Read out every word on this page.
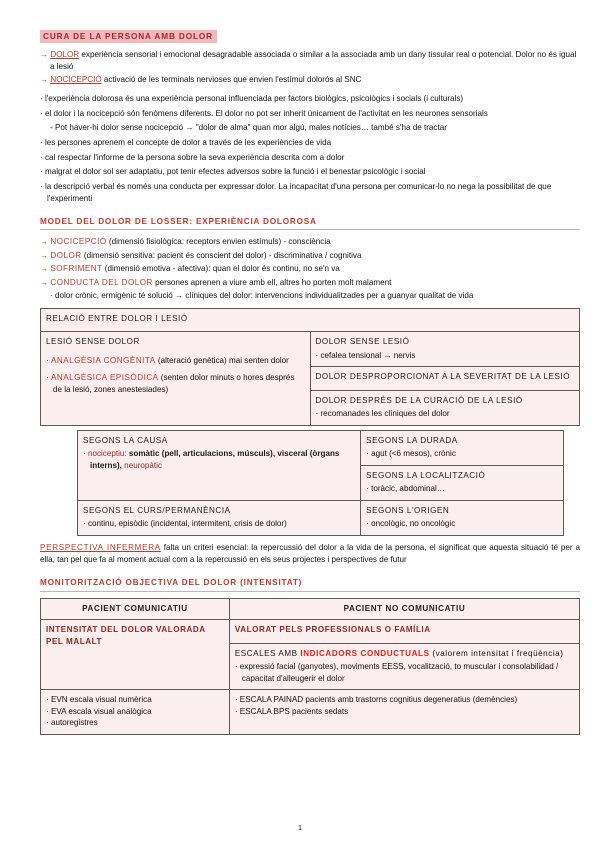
CURA DE LA PERSONA AMB DOLOR
→ DOLOR experiència sensorial i emocional desagradable associada o similar a la associada amb un dany tissular real o potencial. Dolor no és igual a lesió
→ NOCICEPCIÓ activació de les terminals nervioses que envien l'estímul dolorós al SNC
· l'experiència dolorosa és una experiència personal influenciada per factors biològics, psicològics i socials (i culturals)
· el dolor i la nocicepció són fenòmens diferents. El dolor no pot ser inherit únicament de l'activitat en les neurones sensorials
- Pot haver-hi dolor sense nocicepció → "dolor de alma" quan mor algú, males notícies… també s'ha de tractar
· les persones aprenem el concepte de dolor a través de les experiències de vida
· cal respectar l'informe de la persona sobre la seva experiència descrita com a dolor
· malgrat el dolor sol ser adaptatiu, pot tenir efectes adversos sobre la funció i el benestar psicològic i social
· la descripció verbal és només una conducta per expressar dolor. La incapacitat d'una persona per comunicar-lo no nega la possibilitat de que l'experimenti
MODEL DEL DOLOR DE LOSSER: EXPERIÈNCIA DOLOROSA
→ NOCICEPCIÓ (dimensió fisiològica: receptors envien estímuls) - consciència
→ DOLOR (dimensió sensitiva: pacient és conscient del dolor) - discriminativa / cognitiva
→ SOFRIMENT (dimensió emotiva - afectiva): quan el dolor és continu, no se'n va
→ CONDUCTA DEL DOLOR persones aprenen a viure amb ell, altres ho porten molt malament
· dolor crònic, ermigènic té solució → clíniques del dolor: intervencions individualitzades per a guanyar qualitat de vida
RELACIÓ ENTRE DOLOR I LESIÓ

LESIÓ SENSE DOLOR
· ANALGÈSIA CONGÈNITA (alteració genètica) mai senten dolor
· ANALGÈSICA EPISÒDICA (senten dolor minuts o hores després de la lesió, zones anestesiades)

DOLOR SENSE LESIÓ
· cefalea tensional → nervis

DOLOR DESPROPORCIONAT A LA SEVERITAT DE LA LESIÓ

DOLOR DESPRÉS DE LA CURACIÓ DE LA LESIÓ
· recomanades les clíniques del dolor
SEGONS LA CAUSA
· nociceptiu: somàtic (pell, articulacions, músculs), visceral (òrgans interns), neuropàtic	SEGONS LA DURADA
· agut (<6 mesos), crònic

	SEGONS LA LOCALITZACIÓ
· toràcic, abdominal…

SEGONS EL CURS/PERMANÈNCIA
· continu, episòdic (incidental, intermitent, crisis de dolor)	SEGONS L'ORIGEN
· oncològic, no oncològic
PERSPECTIVA INFERMERA falta un criteri esencial: la repercussió del dolor a la vida de la persona, el significat que aquesta situació té per a ella, tan pel que fa al moment actual com a la repercussió en els seus projectes i perspectives de futur
MONITORITZACIÓ OBJECTIVA DEL DOLOR (INTENSITAT)
PACIENT COMUNICATIU	PACIENT NO COMUNICATIU

INTENSITAT DEL DOLOR VALORADA PEL MALALT	VALORAT PELS PROFESSIONALS O FAMÍLIA

	ESCALES AMB INDICADORS CONDUCTUALS (valorem intensitat i freqüència)
· expressió facial (ganyotes), moviments EESS, vocalització, to muscular i consolabilidad / capacitat d'alleugerir el dolor

· EVN escala visual numèrica
· EVA escala visual analògica
· autoregistres	· ESCALA PAINAD pacients amb trastorns cognitius degeneratius (demències)
· ESCALA BPS pacients sedats
1
